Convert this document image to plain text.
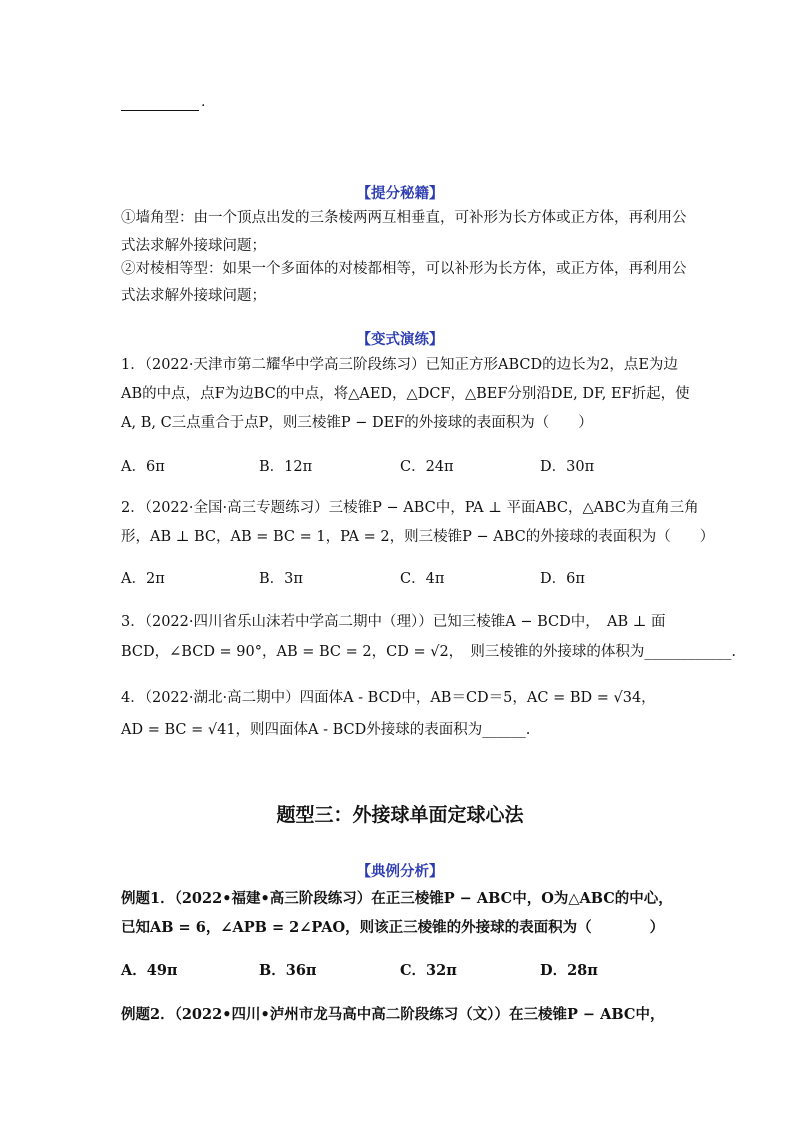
.
【提分秘籍】
①墙角型：由一个顶点出发的三条棱两两互相垂直，可补形为长方体或正方体，再利用公
式法求解外接球问题；
②对棱相等型：如果一个多面体的对棱都相等，可以补形为长方体，或正方体，再利用公
式法求解外接球问题；
【变式演练】
1．（2022·天津市第二耀华中学高三阶段练习）已知正方形ABCD的边长为2，点E为边
AB的中点，点F为边BC的中点，将△AED，△DCF，△BEF分别沿DE, DF, EF折起，使
A, B, C三点重合于点P，则三棱锥P − DEF的外接球的表面积为（　　）
A．6π	B．12π	C．24π	D．30π
2．（2022·全国·高三专题练习）三棱锥P − ABC中，PA ⊥ 平面ABC，△ABC为直角三角
形，AB ⊥ BC，AB = BC = 1，PA = 2，则三棱锥P − ABC的外接球的表面积为（　　）
A．2π	B．3π	C．4π	D．6π
3．（2022·四川省乐山沫若中学高二期中（理））已知三棱锥A − BCD中，　AB ⊥ 面
BCD，∠BCD = 90°，AB = BC = 2，CD = √2，　则三棱锥的外接球的体积为____________.
4．（2022·湖北·高二期中）四面体A - BCD中，AB＝CD＝5，AC = BD = √34，
AD = BC = √41，则四面体A - BCD外接球的表面积为______.
题型三：外接球单面定球心法
【典例分析】
例题1．（2022•福建•高三阶段练习）在正三棱锥P − ABC中，O为△ABC的中心，
已知AB = 6，∠APB = 2∠PAO，则该正三棱锥的外接球的表面积为（　　　　）
A．49π	B．36π	C．32π	D．28π
例题2．（2022•四川•泸州市龙马高中高二阶段练习（文））在三棱锥P − ABC中，
